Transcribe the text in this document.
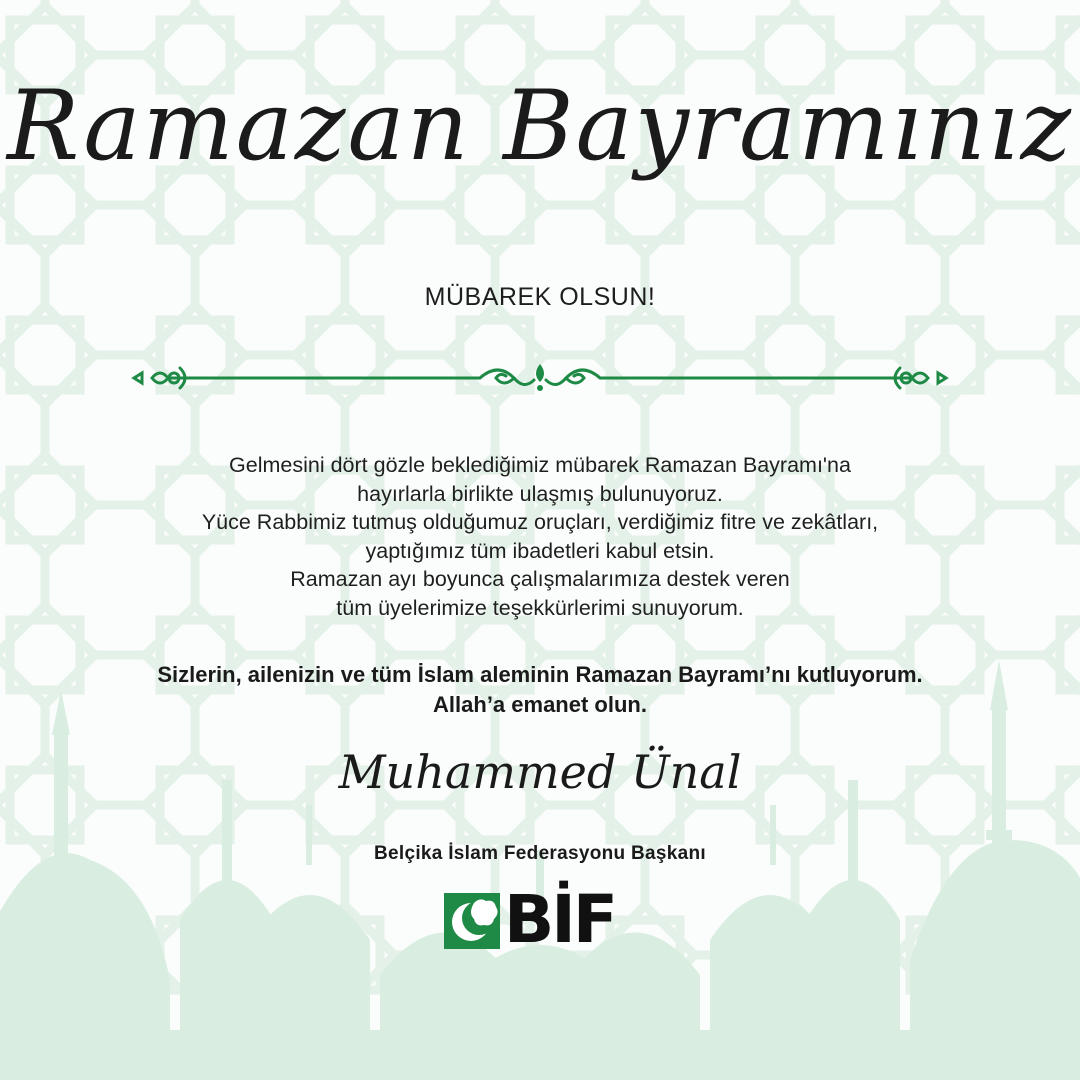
Ramazan Bayramınız
MÜBAREK OLSUN!
Gelmesini dört gözle beklediğimiz mübarek Ramazan Bayramı'na
hayırlarla birlikte ulaşmış bulunuyoruz.
Yüce Rabbimiz tutmuş olduğumuz oruçları, verdiğimiz fitre ve zekâtları,
yaptığımız tüm ibadetleri kabul etsin.
Ramazan ayı boyunca çalışmalarımıza destek veren
tüm üyelerimize teşekkürlerimi sunuyorum.
Sizlerin, ailenizin ve tüm İslam aleminin Ramazan Bayramı’nı kutluyorum.
Allah’a emanet olun.
Muhammed Ünal
Belçika İslam Federasyonu Başkanı
BİF
